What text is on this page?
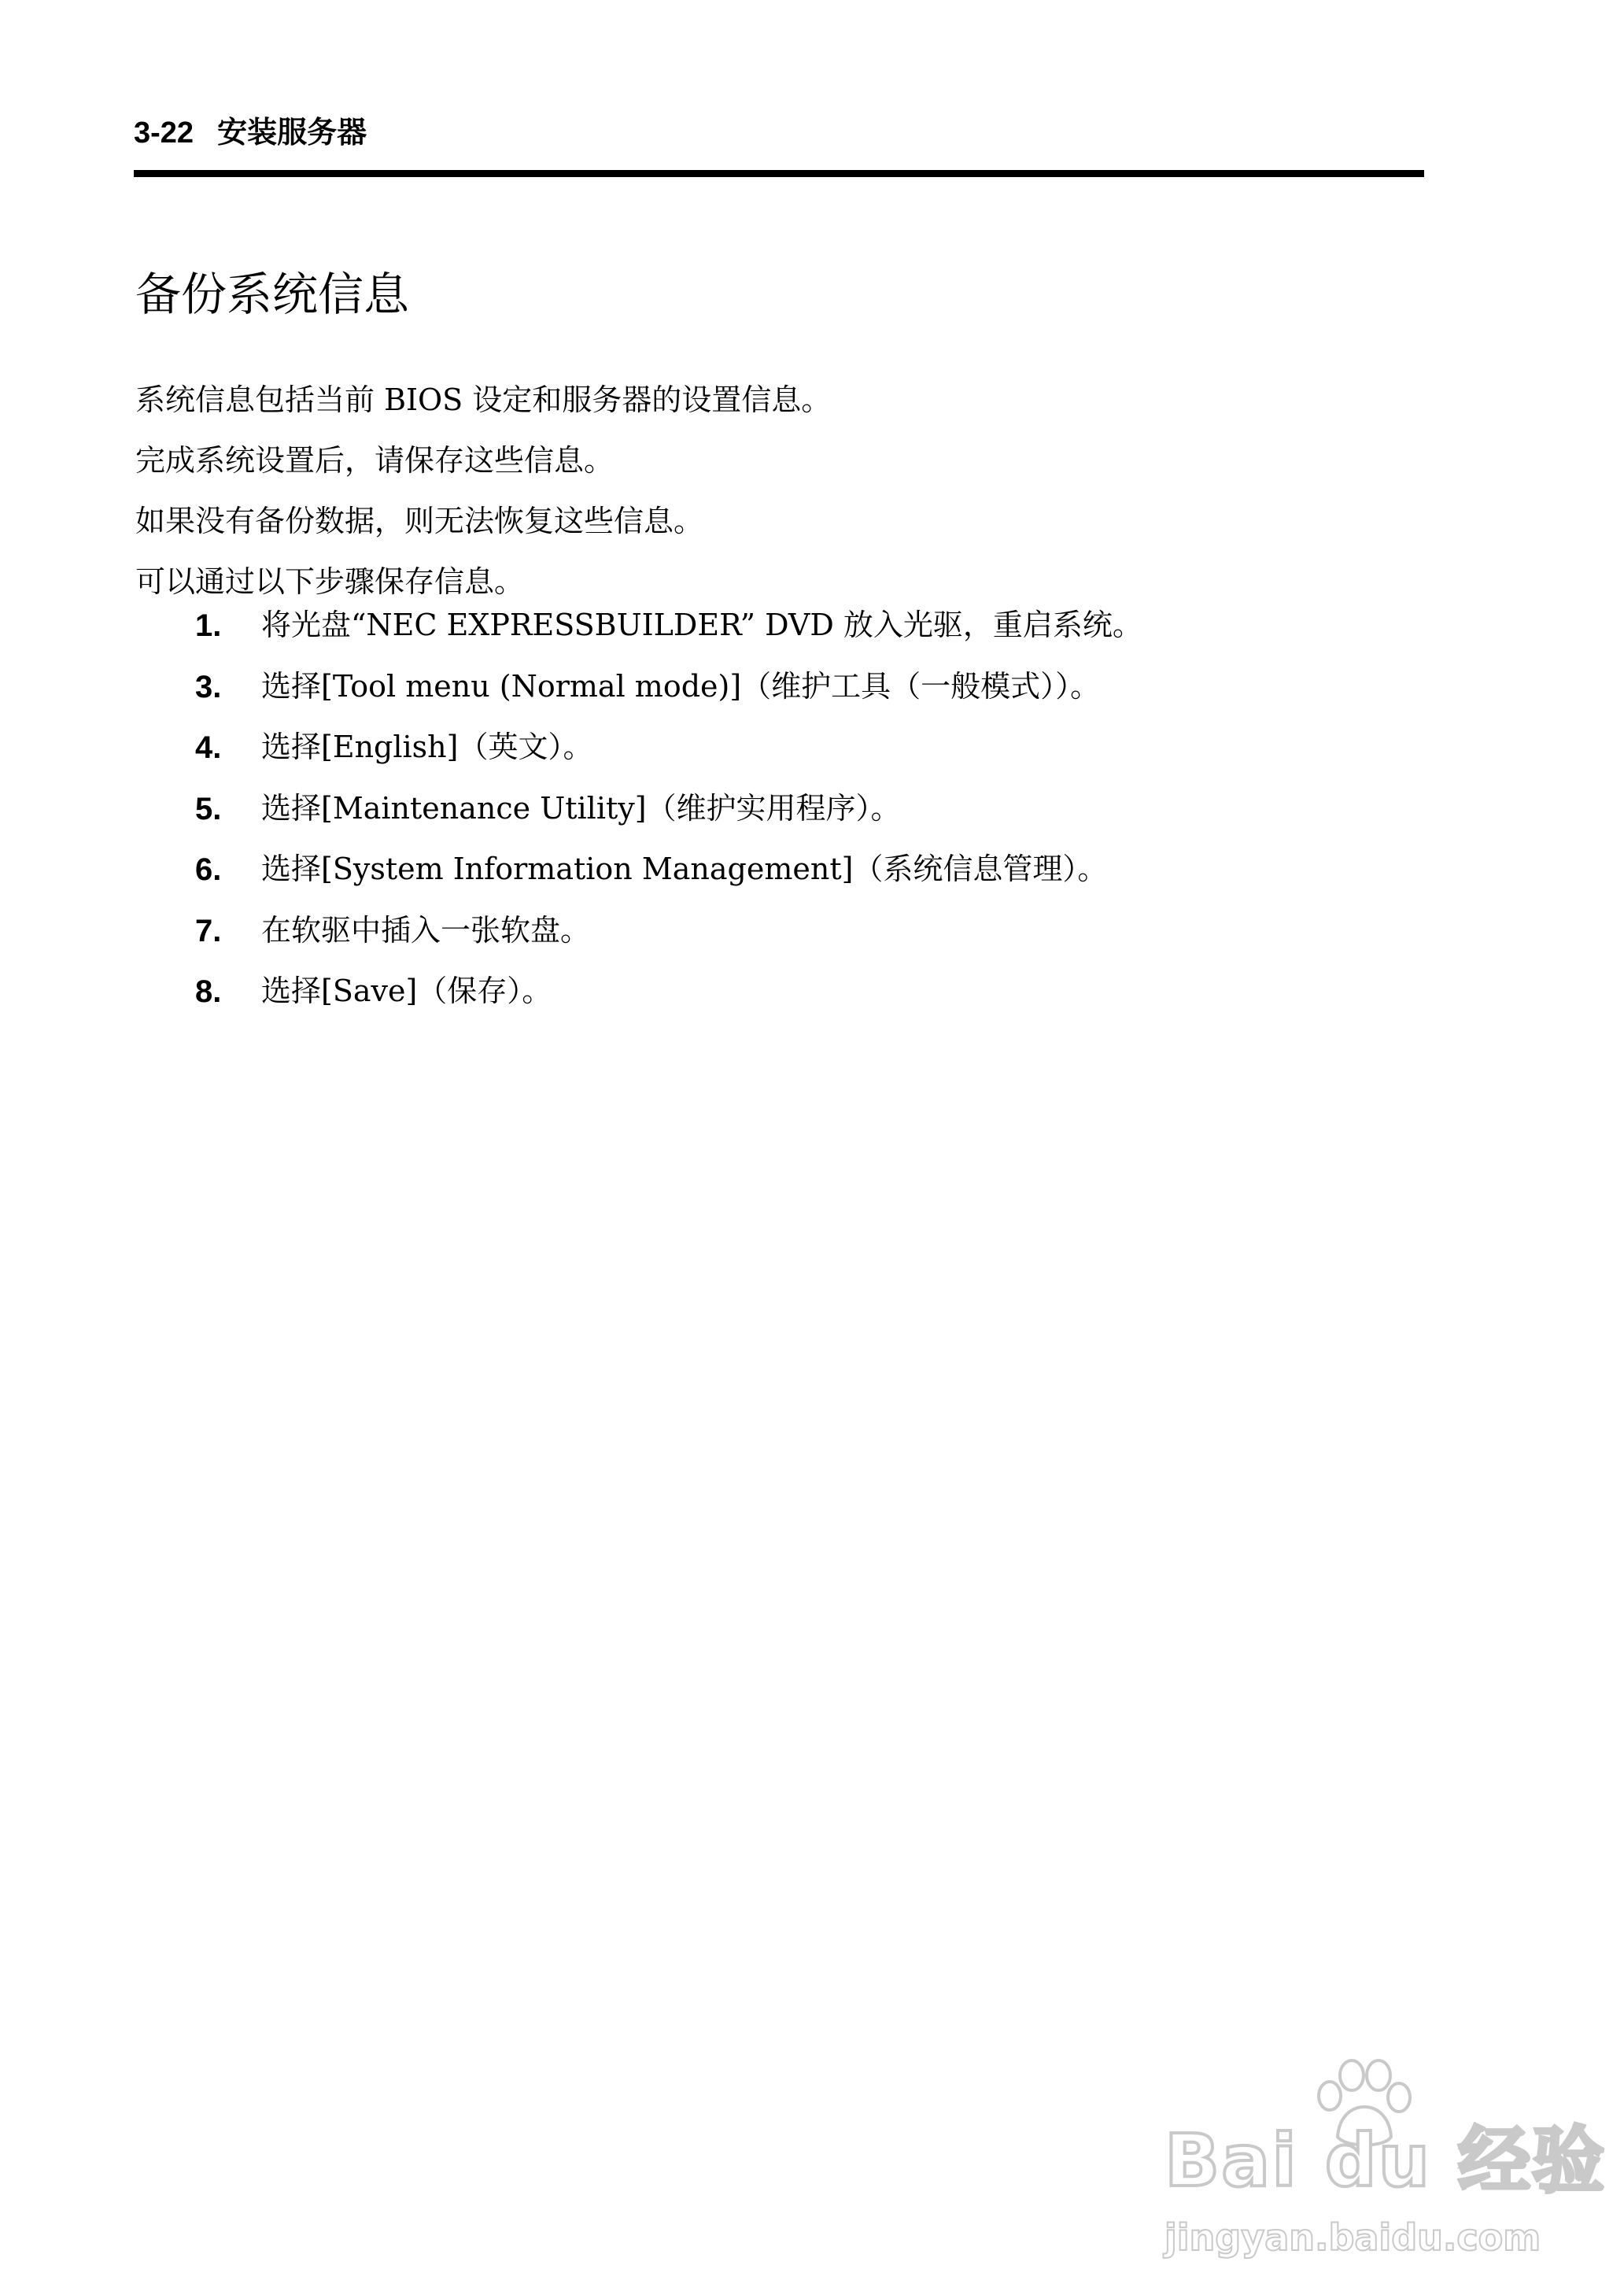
3-22 安装服务器
备份系统信息

系统信息包括当前 BIOS 设定和服务器的设置信息。

完成系统设置后，请保存这些信息。

如果没有备份数据，则无法恢复这些信息。

可以通过以下步骤保存信息。

1. 将光盘“NEC EXPRESSBUILDER” DVD 放入光驱，重启系统。
3. 选择[Tool menu (Normal mode)]（维护工具（一般模式））。
4. 选择[English]（英文）。
5. 选择[Maintenance Utility]（维护实用程序）。
6. 选择[System Information Management]（系统信息管理）。
7. 在软驱中插入一张软盘。
8. 选择[Save]（保存）。
Bai du 经验
jingyan.baidu.com
